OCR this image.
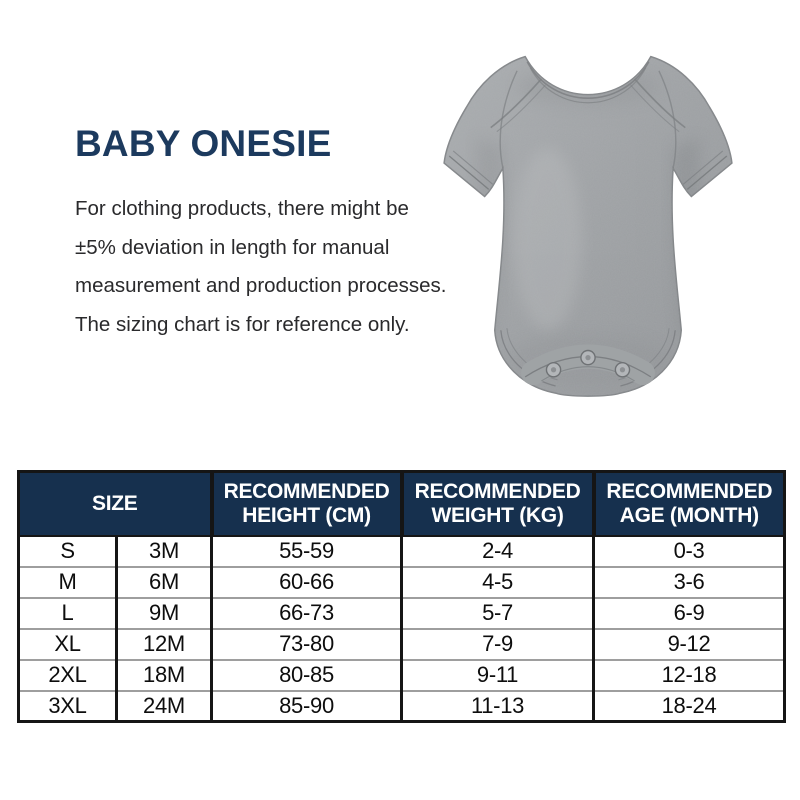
BABY ONESIE
For clothing products, there might be
±5% deviation in length for manual
measurement and production processes.
The sizing chart is for reference only.
SIZE		RECOMMENDED HEIGHT (CM)	RECOMMENDED WEIGHT (KG)	RECOMMENDED AGE (MONTH)
S	3M	55-59	2-4	0-3
M	6M	60-66	4-5	3-6
L	9M	66-73	5-7	6-9
XL	12M	73-80	7-9	9-12
2XL	18M	80-85	9-11	12-18
3XL	24M	85-90	11-13	18-24
